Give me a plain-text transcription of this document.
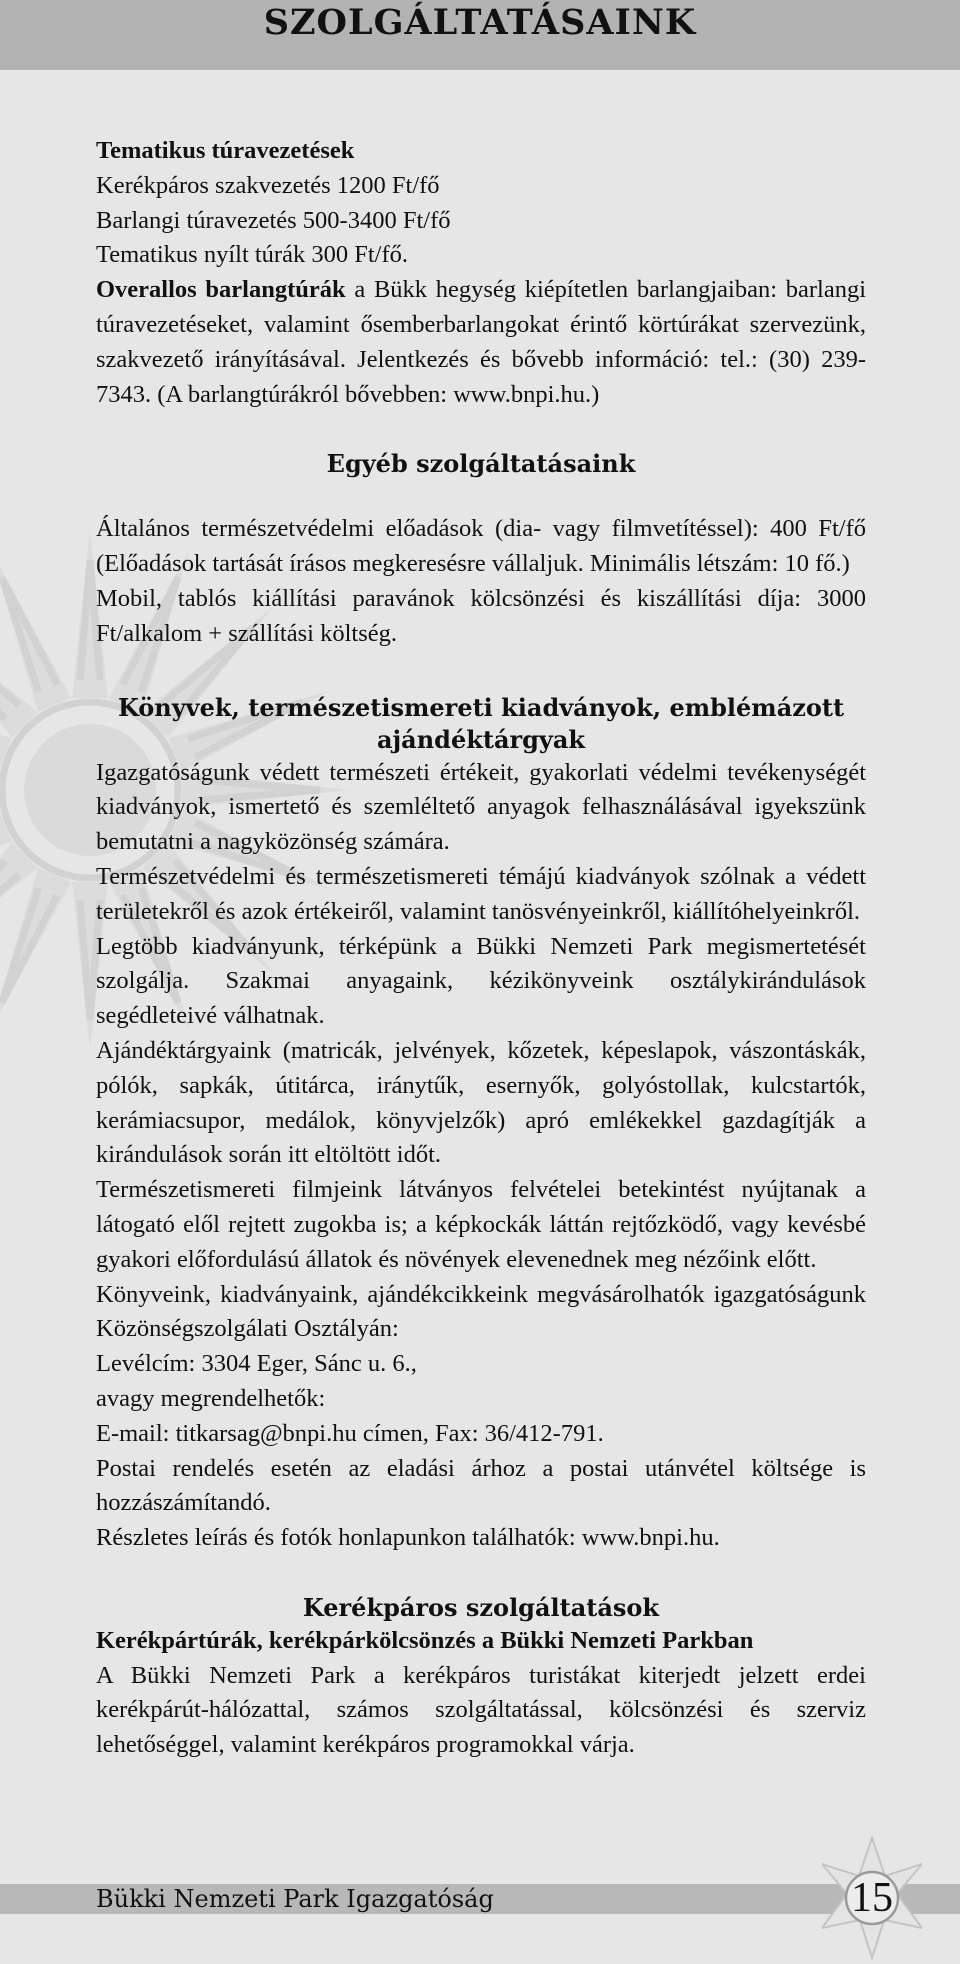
SZOLGÁLTATÁSAINK

Tematikus túravezetések

Kerékpáros szakvezetés 1200 Ft/fő

Barlangi túravezetés 500-3400 Ft/fő

Tematikus nyílt túrák 300 Ft/fő.

Overallos barlangtúrák a Bükk hegység kiépítetlen barlangjaiban: barlangi túravezetéseket, valamint ősemberbarlangokat érintő körtúrákat szervezünk, szakvezető irányításával. Jelentkezés és bővebb információ: tel.: (30) 239-7343. (A barlangtúrákról bővebben: www.bnpi.hu.)

Egyéb szolgáltatásaink

Általános természetvédelmi előadások (dia- vagy filmvetítéssel): 400 Ft/fő (Előadások tartását írásos megkeresésre vállaljuk. Minimális létszám: 10 fő.)

Mobil, tablós kiállítási paravánok kölcsönzési és kiszállítási díja: 3000 Ft/alkalom + szállítási költség.

Könyvek, természetismereti kiadványok, emblémázott ajándéktárgyak

Igazgatóságunk védett természeti értékeit, gyakorlati védelmi tevékenységét kiadványok, ismertető és szemléltető anyagok felhasználásával igyekszünk bemutatni a nagyközönség számára.

Természetvédelmi és természetismereti témájú kiadványok szólnak a védett területekről és azok értékeiről, valamint tanösvényeinkről, kiállítóhelyeinkről.

Legtöbb kiadványunk, térképünk a Bükki Nemzeti Park megismertetését szolgálja. Szakmai anyagaink, kézikönyveink osztálykirándulások segédleteivé válhatnak.

Ajándéktárgyaink (matricák, jelvények, kőzetek, képeslapok, vászontáskák, pólók, sapkák, útitárca, iránytűk, esernyők, golyóstollak, kulcstartók, kerámiacsupor, medálok, könyvjelzők) apró emlékekkel gazdagítják a kirándulások során itt eltöltött időt.

Természetismereti filmjeink látványos felvételei betekintést nyújtanak a látogató elől rejtett zugokba is; a képkockák láttán rejtőzködő, vagy kevésbé gyakori előfordulású állatok és növények elevenednek meg nézőink előtt.

Könyveink, kiadványaink, ajándékcikkeink megvásárolhatók igazgatóságunk Közönségszolgálati Osztályán:

Levélcím: 3304 Eger, Sánc u. 6.,

avagy megrendelhetők:

E-mail: titkarsag@bnpi.hu címen, Fax: 36/412-791.

Postai rendelés esetén az eladási árhoz a postai utánvétel költsége is hozzászámítandó.

Részletes leírás és fotók honlapunkon találhatók: www.bnpi.hu.

Kerékpáros szolgáltatások

Kerékpártúrák, kerékpárkölcsönzés a Bükki Nemzeti Parkban

A Bükki Nemzeti Park a kerékpáros turistákat kiterjedt jelzett erdei kerékpárút-hálózattal, számos szolgáltatással, kölcsönzési és szerviz lehetőséggel, valamint kerékpáros programokkal várja.

Bükki Nemzeti Park Igazgatóság	15
